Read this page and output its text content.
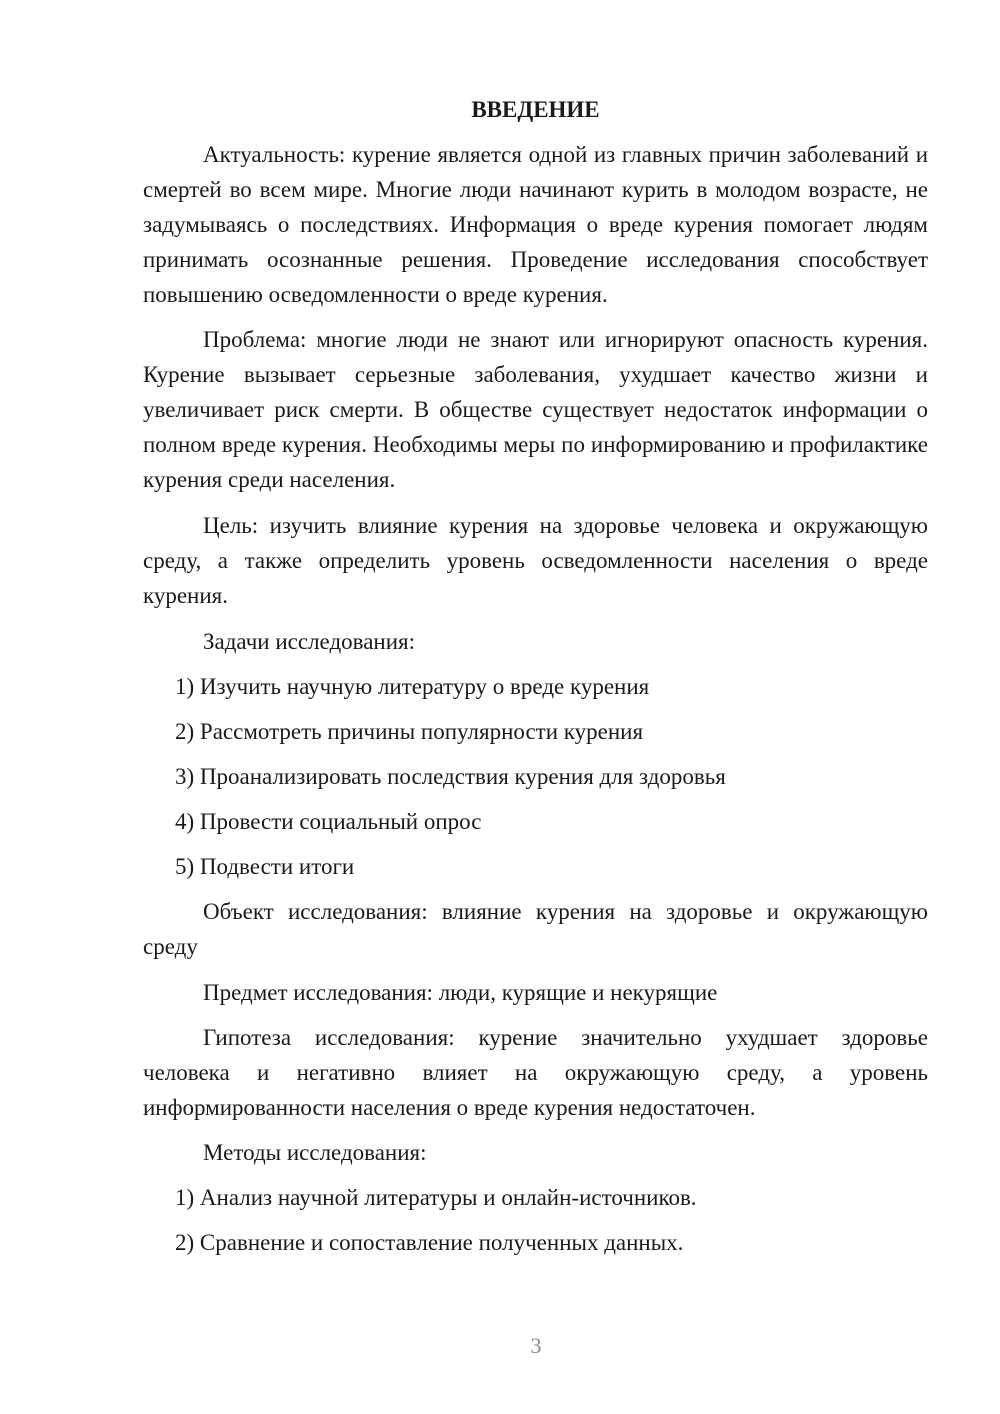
ВВЕДЕНИЕ

Актуальность: курение является одной из главных причин заболеваний и смертей во всем мире. Многие люди начинают курить в молодом возрасте, не задумываясь о последствиях. Информация о вреде курения помогает людям принимать осознанные решения. Проведение исследования способствует повышению осведомленности о вреде курения.

Проблема: многие люди не знают или игнорируют опасность курения. Курение вызывает серьезные заболевания, ухудшает качество жизни и увеличивает риск смерти. В обществе существует недостаток информации о полном вреде курения. Необходимы меры по информированию и профилактике курения среди населения.

Цель: изучить влияние курения на здоровье человека и окружающую среду, а также определить уровень осведомленности населения о вреде курения.

Задачи исследования:

1) Изучить научную литературу о вреде курения

2) Рассмотреть причины популярности курения

3) Проанализировать последствия курения для здоровья

4) Провести социальный опрос

5) Подвести итоги

Объект исследования: влияние курения на здоровье и окружающую среду

Предмет исследования: люди, курящие и некурящие

Гипотеза исследования: курение значительно ухудшает здоровье человека и негативно влияет на окружающую среду, а уровень информированности населения о вреде курения недостаточен.

Методы исследования:

1) Анализ научной литературы и онлайн-источников.

2) Сравнение и сопоставление полученных данных.

3
